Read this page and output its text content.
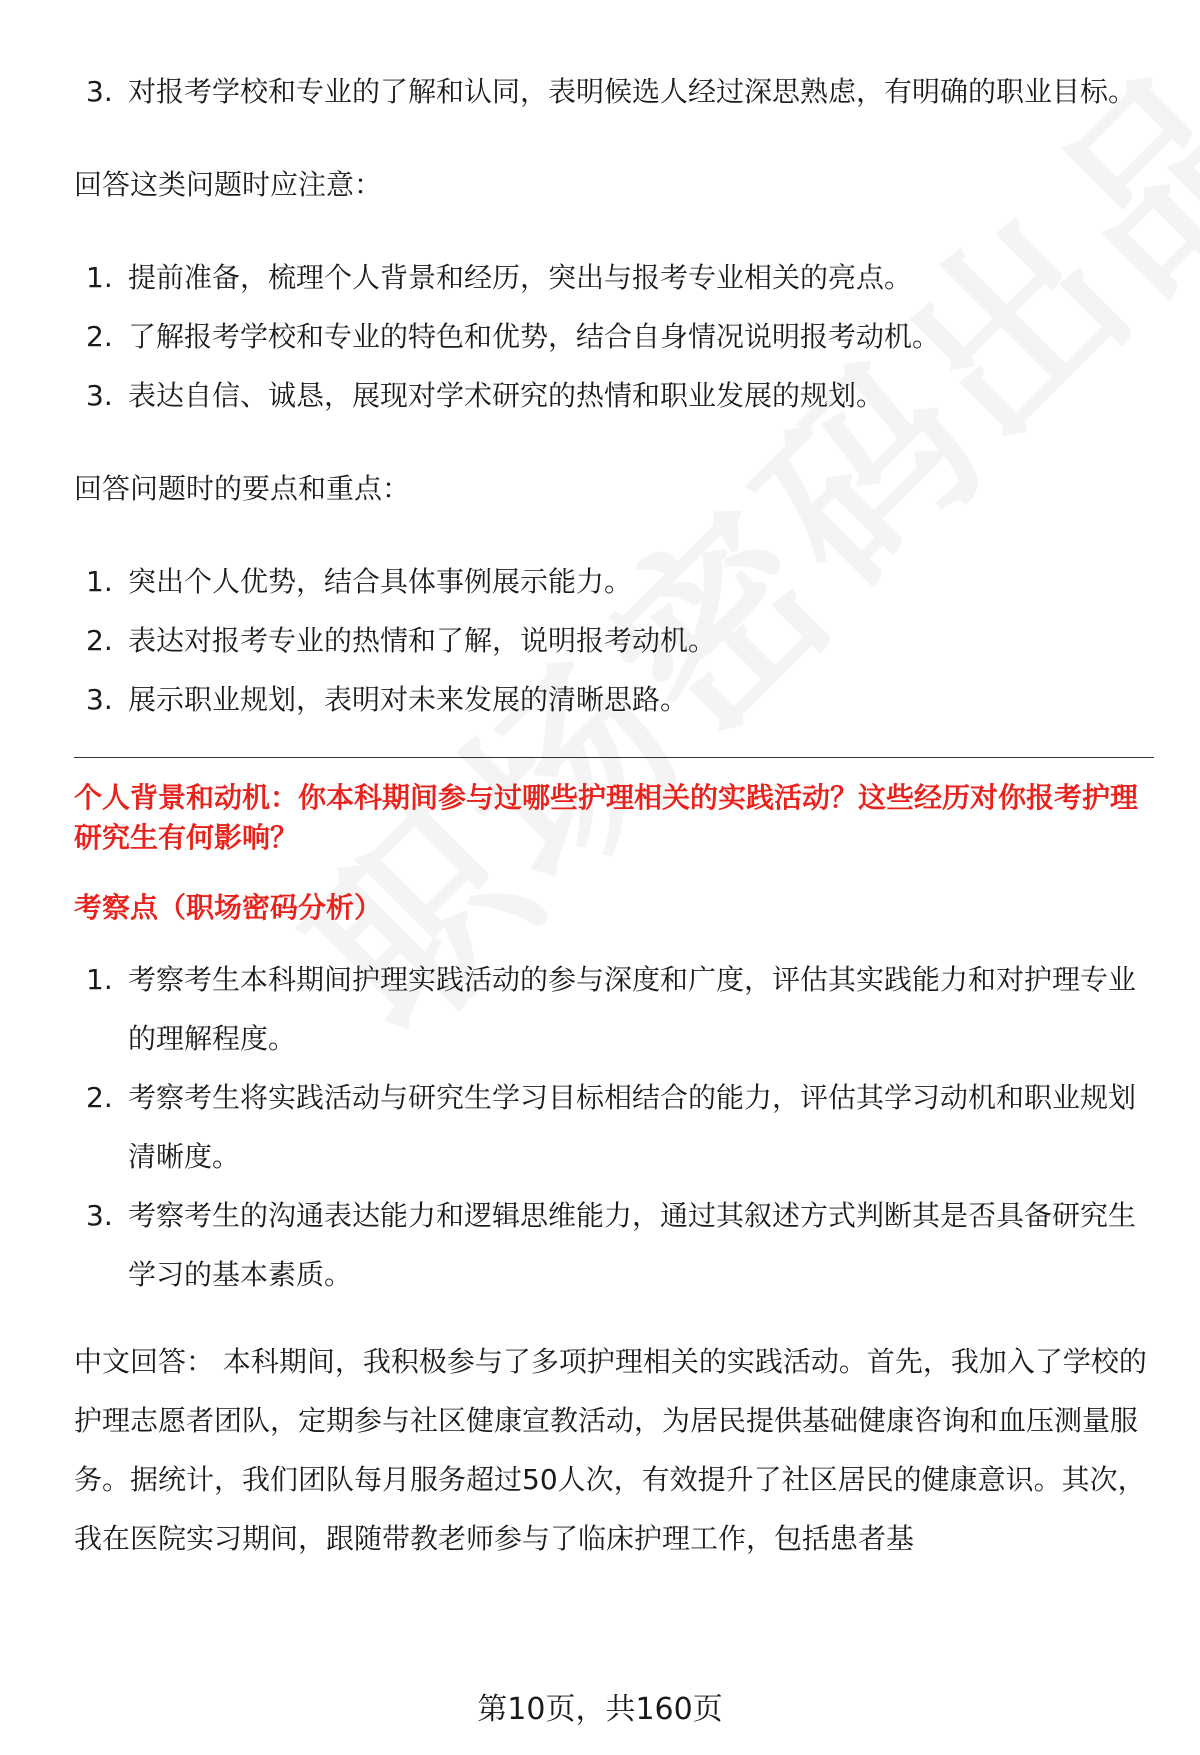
3. 对报考学校和专业的了解和认同，表明候选人经过深思熟虑，有明确的职业目标。

回答这类问题时应注意：

1. 提前准备，梳理个人背景和经历，突出与报考专业相关的亮点。
2. 了解报考学校和专业的特色和优势，结合自身情况说明报考动机。
3. 表达自信、诚恳，展现对学术研究的热情和职业发展的规划。

回答问题时的要点和重点：

1. 突出个人优势，结合具体事例展示能力。
2. 表达对报考专业的热情和了解，说明报考动机。
3. 展示职业规划，表明对未来发展的清晰思路。

个人背景和动机：你本科期间参与过哪些护理相关的实践活动？这些经历对你报考护理研究生有何影响？

考察点（职场密码分析）

1. 考察考生本科期间护理实践活动的参与深度和广度，评估其实践能力和对护理专业的理解程度。
2. 考察考生将实践活动与研究生学习目标相结合的能力，评估其学习动机和职业规划清晰度。
3. 考察考生的沟通表达能力和逻辑思维能力，通过其叙述方式判断其是否具备研究生学习的基本素质。

中文回答： 本科期间，我积极参与了多项护理相关的实践活动。首先，我加入了学校的护理志愿者团队，定期参与社区健康宣教活动，为居民提供基础健康咨询和血压测量服务。据统计，我们团队每月服务超过50人次，有效提升了社区居民的健康意识。其次，我在医院实习期间，跟随带教老师参与了临床护理工作，包括患者基

第10页，共160页
